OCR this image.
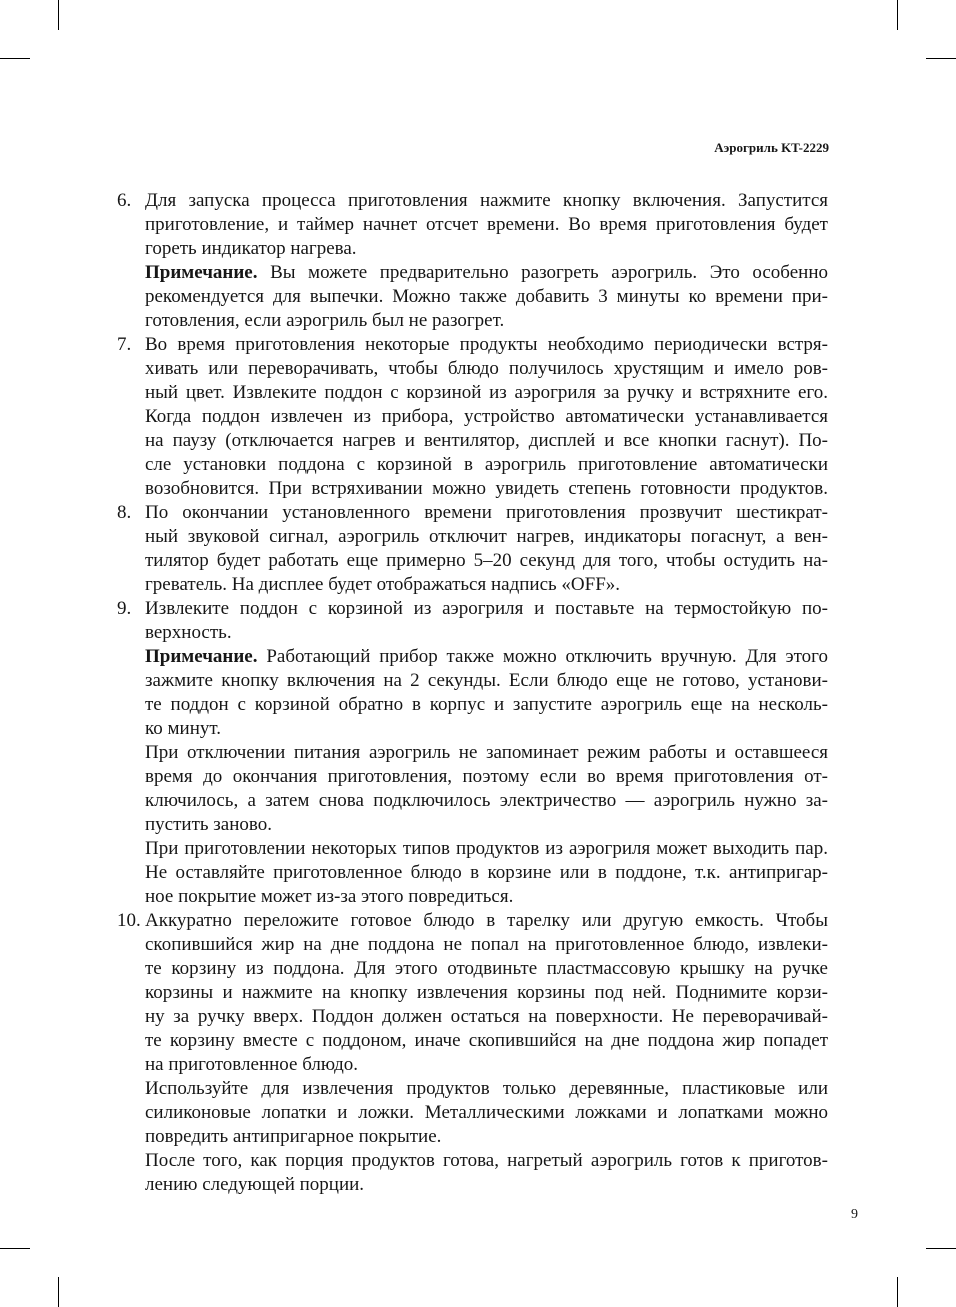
Аэрогриль KT-2229
6. Для запуска процесса приготовления нажмите кнопку включения. Запустится
приготовление, и таймер начнет отсчет времени. Во время приготовления будет
гореть индикатор нагрева.
Примечание. Вы можете предварительно разогреть аэрогриль. Это особенно
рекомендуется для выпечки. Можно также добавить 3 минуты ко времени при-
готовления, если аэрогриль был не разогрет.
7. Во время приготовления некоторые продукты необходимо периодически встря-
хивать или переворачивать, чтобы блюдо получилось хрустящим и имело ров-
ный цвет. Извлеките поддон с корзиной из аэрогриля за ручку и встряхните его.
Когда поддон извлечен из прибора, устройство автоматически устанавливается
на паузу (отключается нагрев и вентилятор, дисплей и все кнопки гаснут). По-
сле установки поддона с корзиной в аэрогриль приготовление автоматически
возобновится. При встряхивании можно увидеть степень готовности продуктов.
8. По окончании установленного времени приготовления прозвучит шестикрат-
ный звуковой сигнал, аэрогриль отключит нагрев, индикаторы погаснут, а вен-
тилятор будет работать еще примерно 5–20 секунд для того, чтобы остудить на-
греватель. На дисплее будет отображаться надпись «OFF».
9. Извлеките поддон с корзиной из аэрогриля и поставьте на термостойкую по-
верхность.
Примечание. Работающий прибор также можно отключить вручную. Для этого
зажмите кнопку включения на 2 секунды. Если блюдо еще не готово, установи-
те поддон с корзиной обратно в корпус и запустите аэрогриль еще на несколь-
ко минут.
При отключении питания аэрогриль не запоминает режим работы и оставшееся
время до окончания приготовления, поэтому если во время приготовления от-
ключилось, а затем снова подключилось электричество — аэрогриль нужно за-
пустить заново.
При приготовлении некоторых типов продуктов из аэрогриля может выходить пар.
Не оставляйте приготовленное блюдо в корзине или в поддоне, т.к. антипригар-
ное покрытие может из-за этого повредиться.
10. Аккуратно переложите готовое блюдо в тарелку или другую емкость. Чтобы
скопившийся жир на дне поддона не попал на приготовленное блюдо, извлеки-
те корзину из поддона. Для этого отодвиньте пластмассовую крышку на ручке
корзины и нажмите на кнопку извлечения корзины под ней. Поднимите корзи-
ну за ручку вверх. Поддон должен остаться на поверхности. Не переворачивай-
те корзину вместе с поддоном, иначе скопившийся на дне поддона жир попадет
на приготовленное блюдо.
Используйте для извлечения продуктов только деревянные, пластиковые или
силиконовые лопатки и ложки. Металлическими ложками и лопатками можно
повредить антипригарное покрытие.
После того, как порция продуктов готова, нагретый аэрогриль готов к приготов-
лению следующей порции.
9
